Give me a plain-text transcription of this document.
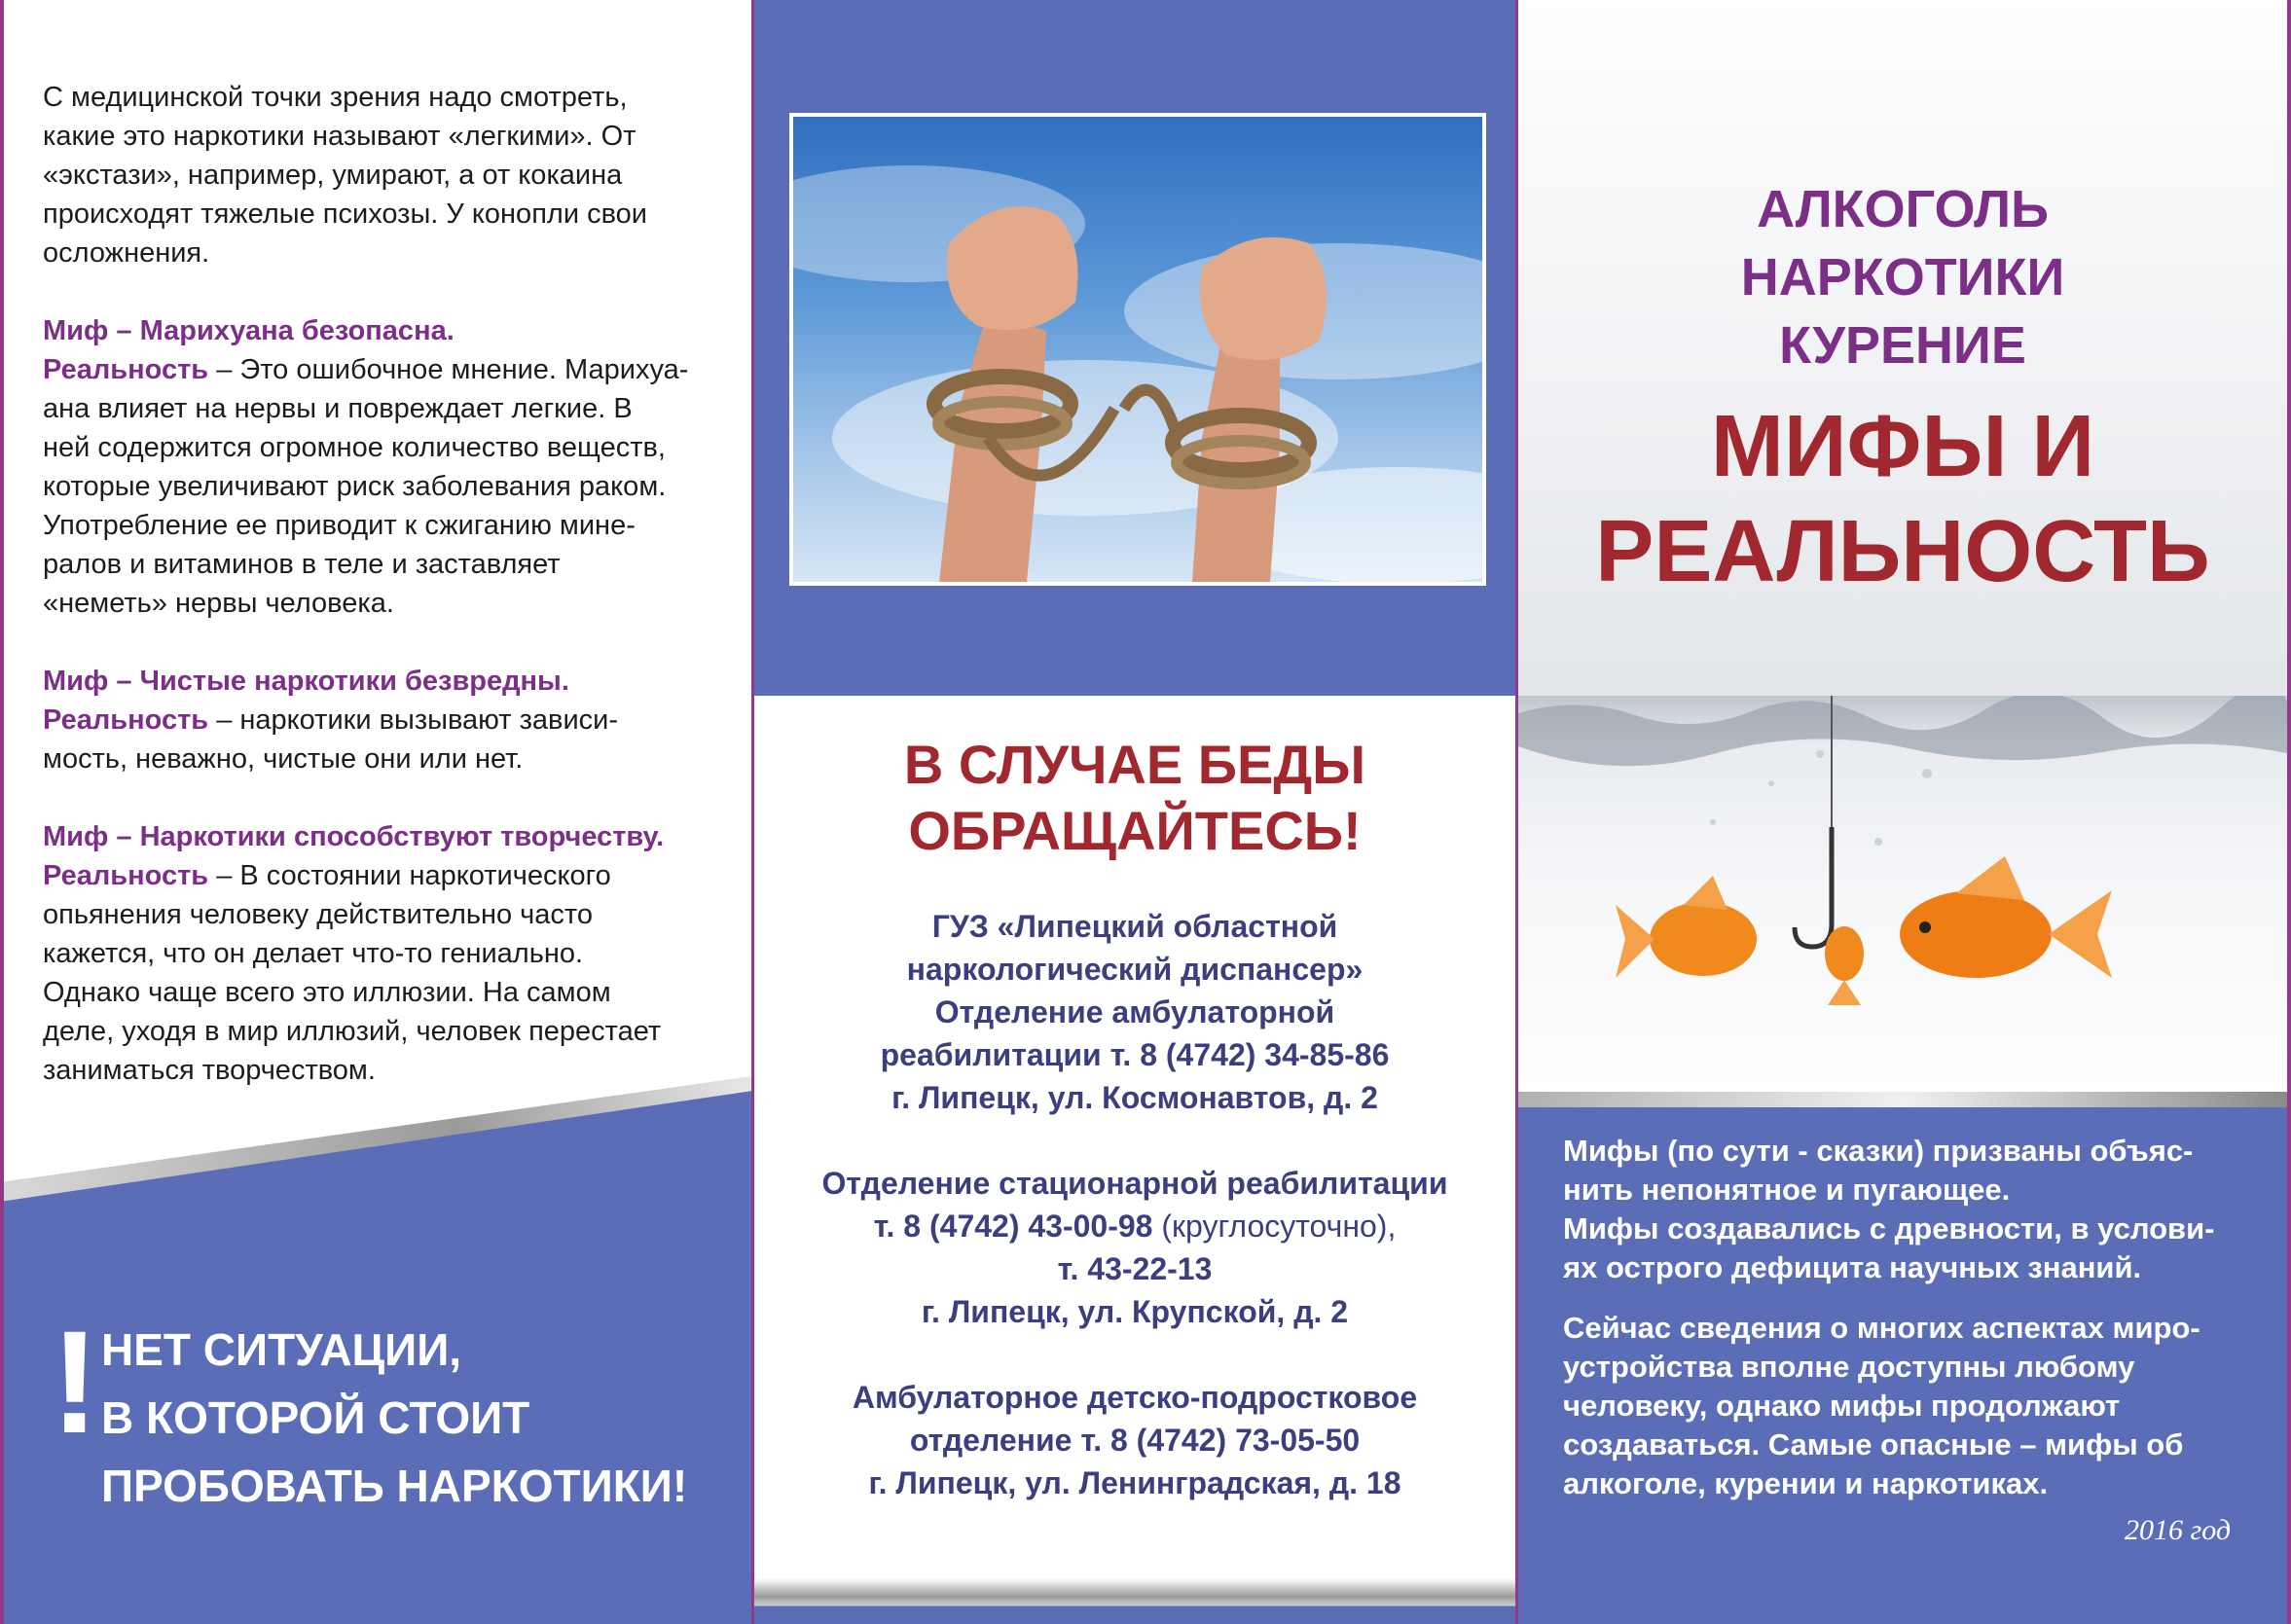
С медицинской точки зрения надо смотреть,
какие это наркотики называют «легкими». От
«экстази», например, умирают, а от кокаина
происходят тяжелые психозы. У конопли свои
осложнения.

Миф – Марихуана безопасна.
Реальность – Это ошибочное мнение. Марихуа-
ана влияет на нервы и повреждает легкие. В
ней содержится огромное количество веществ,
которые увеличивают риск заболевания раком.
Употребление ее приводит к сжиганию мине-
ралов и витаминов в теле и заставляет
«неметь» нервы человека.

Миф – Чистые наркотики безвредны.
Реальность – наркотики вызывают зависи-
мость, неважно, чистые они или нет.

Миф – Наркотики способствуют творчеству.
Реальность – В состоянии наркотического
опьянения человеку действительно часто
кажется, что он делает что-то гениально.
Однако чаще всего это иллюзии. На самом
деле, уходя в мир иллюзий, человек перестает
заниматься творчеством.

! НЕТ СИТУАЦИИ,
В КОТОРОЙ СТОИТ
ПРОБОВАТЬ НАРКОТИКИ!
В СЛУЧАЕ БЕДЫ
ОБРАЩАЙТЕСЬ!
ГУЗ «Липецкий областной
наркологический диспансер»
Отделение амбулаторной
реабилитации т. 8 (4742) 34-85-86
г. Липецк, ул. Космонавтов, д. 2
Отделение стационарной реабилитации
т. 8 (4742) 43-00-98 (круглосуточно),
т. 43-22-13
г. Липецк, ул. Крупской, д. 2
Амбулаторное детско-подростковое
отделение т. 8 (4742) 73-05-50
г. Липецк, ул. Ленинградская, д. 18
АЛКОГОЛЬ
НАРКОТИКИ
КУРЕНИЕ
МИФЫ И
РЕАЛЬНОСТЬ

Мифы (по сути - сказки) призваны объяс-
нить непонятное и пугающее.
Мифы создавались с древности, в услови-
ях острого дефицита научных знаний.

Сейчас сведения о многих аспектах миро-
устройства вполне доступны любому
человеку, однако мифы продолжают
создаваться. Самые опасные – мифы об
алкоголе, курении и наркотиках.

2016 год
